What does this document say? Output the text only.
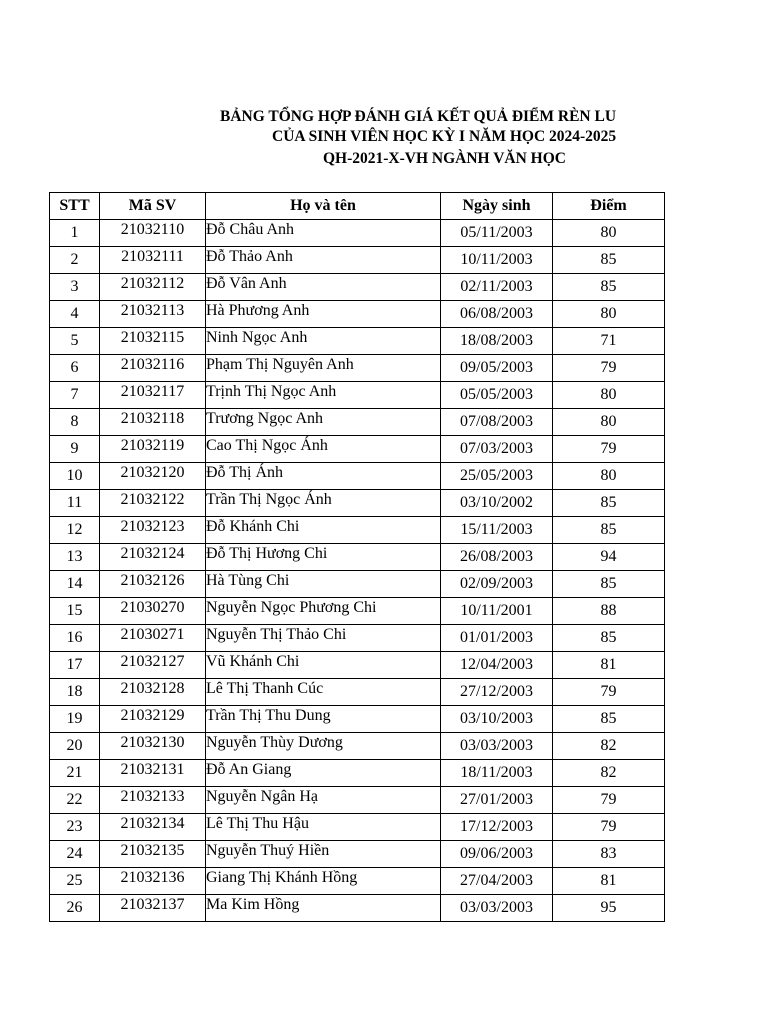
BẢNG TỔNG HỢP ĐÁNH GIÁ KẾT QUẢ ĐIỂM RÈN LU
CỦA SINH VIÊN HỌC KỲ I NĂM HỌC 2024-2025
QH-2021-X-VH NGÀNH VĂN HỌC
STT	Mã SV	Họ và tên	Ngày sinh	Điểm
1	21032110	Đỗ Châu Anh	05/11/2003	80
2	21032111	Đỗ Thảo Anh	10/11/2003	85
3	21032112	Đỗ Vân Anh	02/11/2003	85
4	21032113	Hà Phương Anh	06/08/2003	80
5	21032115	Ninh Ngọc Anh	18/08/2003	71
6	21032116	Phạm Thị Nguyên Anh	09/05/2003	79
7	21032117	Trịnh Thị Ngọc Anh	05/05/2003	80
8	21032118	Trương Ngọc Anh	07/08/2003	80
9	21032119	Cao Thị Ngọc Ánh	07/03/2003	79
10	21032120	Đỗ Thị Ánh	25/05/2003	80
11	21032122	Trần Thị Ngọc Ánh	03/10/2002	85
12	21032123	Đỗ Khánh Chi	15/11/2003	85
13	21032124	Đỗ Thị Hương Chi	26/08/2003	94
14	21032126	Hà Tùng Chi	02/09/2003	85
15	21030270	Nguyễn Ngọc Phương Chi	10/11/2001	88
16	21030271	Nguyễn Thị Thảo Chi	01/01/2003	85
17	21032127	Vũ Khánh Chi	12/04/2003	81
18	21032128	Lê Thị Thanh Cúc	27/12/2003	79
19	21032129	Trần Thị Thu Dung	03/10/2003	85
20	21032130	Nguyễn Thùy Dương	03/03/2003	82
21	21032131	Đỗ An Giang	18/11/2003	82
22	21032133	Nguyễn Ngân Hạ	27/01/2003	79
23	21032134	Lê Thị Thu Hậu	17/12/2003	79
24	21032135	Nguyễn Thuý Hiền	09/06/2003	83
25	21032136	Giang Thị Khánh Hồng	27/04/2003	81
26	21032137	Ma Kim Hồng	03/03/2003	95
